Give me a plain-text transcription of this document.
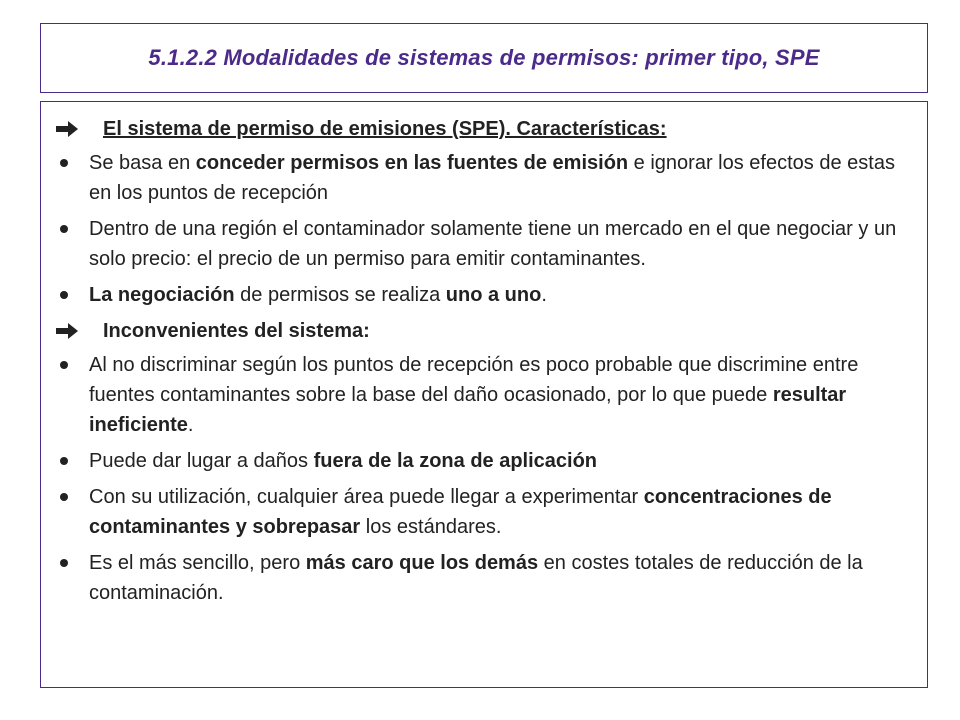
5.1.2.2 Modalidades de sistemas de permisos: primer tipo, SPE
El sistema de permiso de emisiones (SPE). Características:
Se basa en conceder permisos en las fuentes de emisión e ignorar los efectos de estas en los puntos de recepción
Dentro de una región el contaminador solamente tiene un mercado en el que negociar y un solo precio: el precio de un permiso para emitir contaminantes.
La negociación de permisos se realiza uno a uno.
Inconvenientes del sistema:
Al no discriminar según los puntos de recepción es poco probable que discrimine entre fuentes contaminantes sobre la base del daño ocasionado, por lo que puede resultar ineficiente.
Puede dar lugar a daños fuera de la zona de aplicación
Con su utilización, cualquier área puede llegar a experimentar concentraciones de contaminantes y sobrepasar los estándares.
Es el más sencillo, pero más caro que los demás en costes totales de reducción de la contaminación.
